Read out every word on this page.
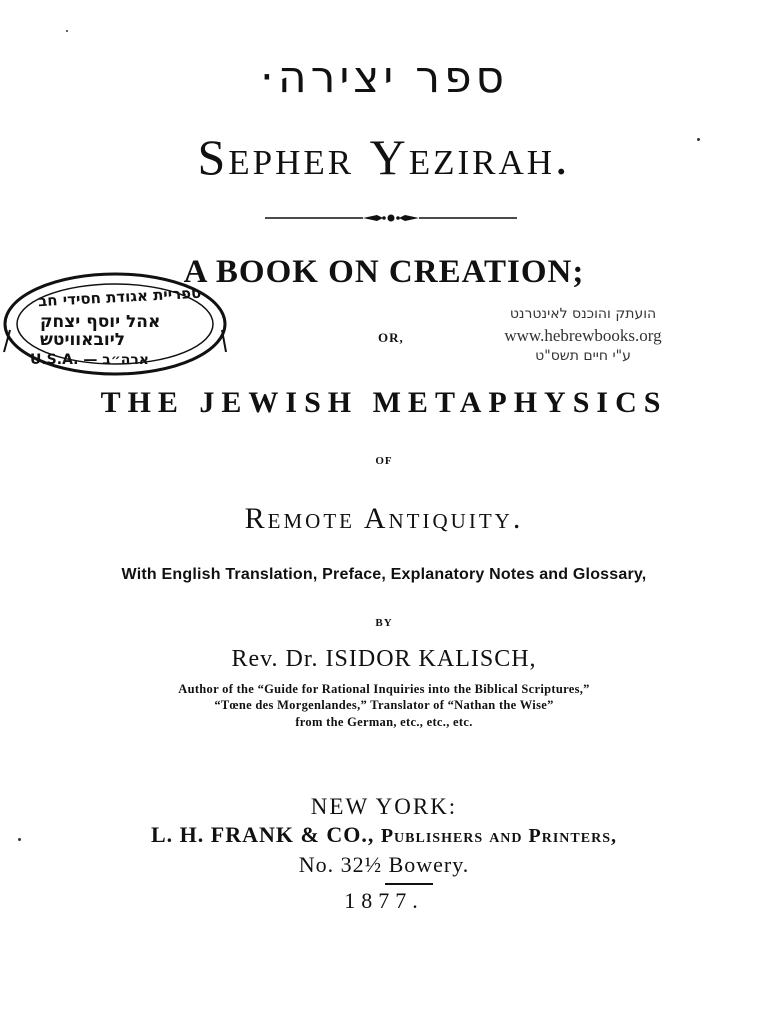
ספר יצירה·
Sepher Yezirah.
A BOOK ON CREATION;
OR,
THE JEWISH METAPHYSICS
OF
Remote Antiquity.
With English Translation, Preface, Explanatory Notes and Glossary,
BY
Rev. Dr. ISIDOR KALISCH,
Author of the “Guide for Rational Inquiries into the Biblical Scriptures,”
“Tœne des Morgenlandes,” Translator of “Nathan the Wise”
from the German, etc., etc., etc.
NEW YORK:
L. H. FRANK & CO., Publishers and Printers,
No. 32½ Bowery.
1877.
ספריית אגודת חסידי חב
אהל יוסף יצחק
ליובאוויטש
U.S.A. — ארה״ב
הועתק והוכנס לאינטרנט
www.hebrewbooks.org
ע"י חיים תשס"ט
